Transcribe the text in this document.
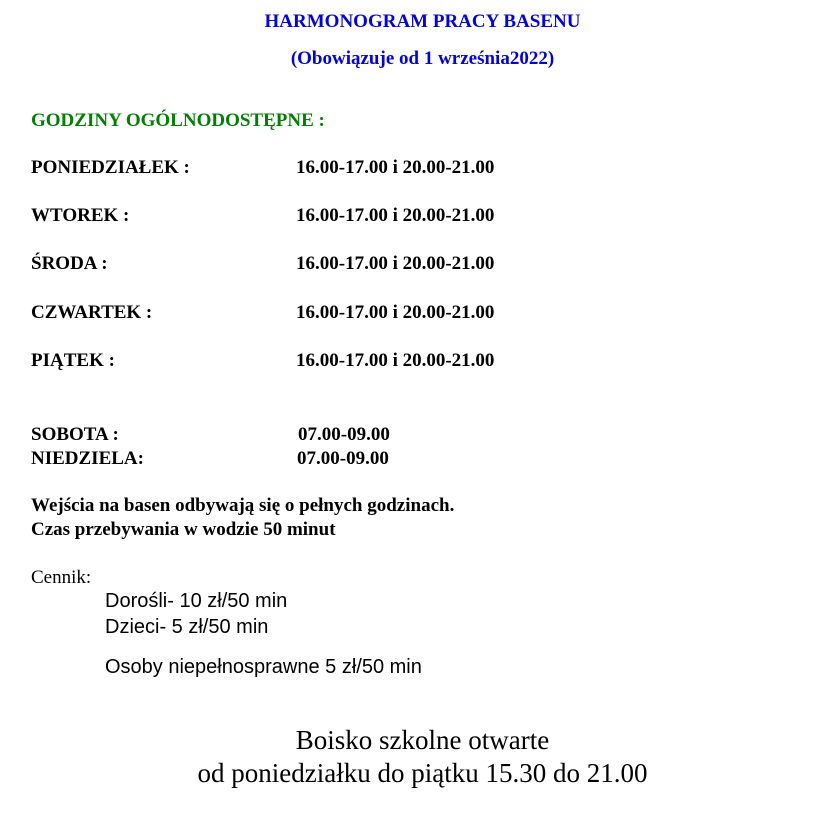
HARMONOGRAM PRACY BASENU
(Obowiązuje od 1 września2022)
GODZINY OGÓLNODOSTĘPNE :
PONIEDZIAŁEK :	16.00-17.00 i 20.00-21.00
WTOREK :	16.00-17.00 i 20.00-21.00
ŚRODA :	16.00-17.00 i 20.00-21.00
CZWARTEK :	16.00-17.00 i 20.00-21.00
PIĄTEK :	16.00-17.00 i 20.00-21.00
SOBOTA :	07.00-09.00
NIEDZIELA:	07.00-09.00
Wejścia na basen odbywają się o pełnych godzinach.
Czas przebywania w wodzie 50 minut
Cennik:
Dorośli- 10 zł/50 min
Dzieci- 5 zł/50 min
Osoby niepełnosprawne 5 zł/50 min
Boisko szkolne otwarte
od poniedziałku do piątku 15.30 do 21.00
